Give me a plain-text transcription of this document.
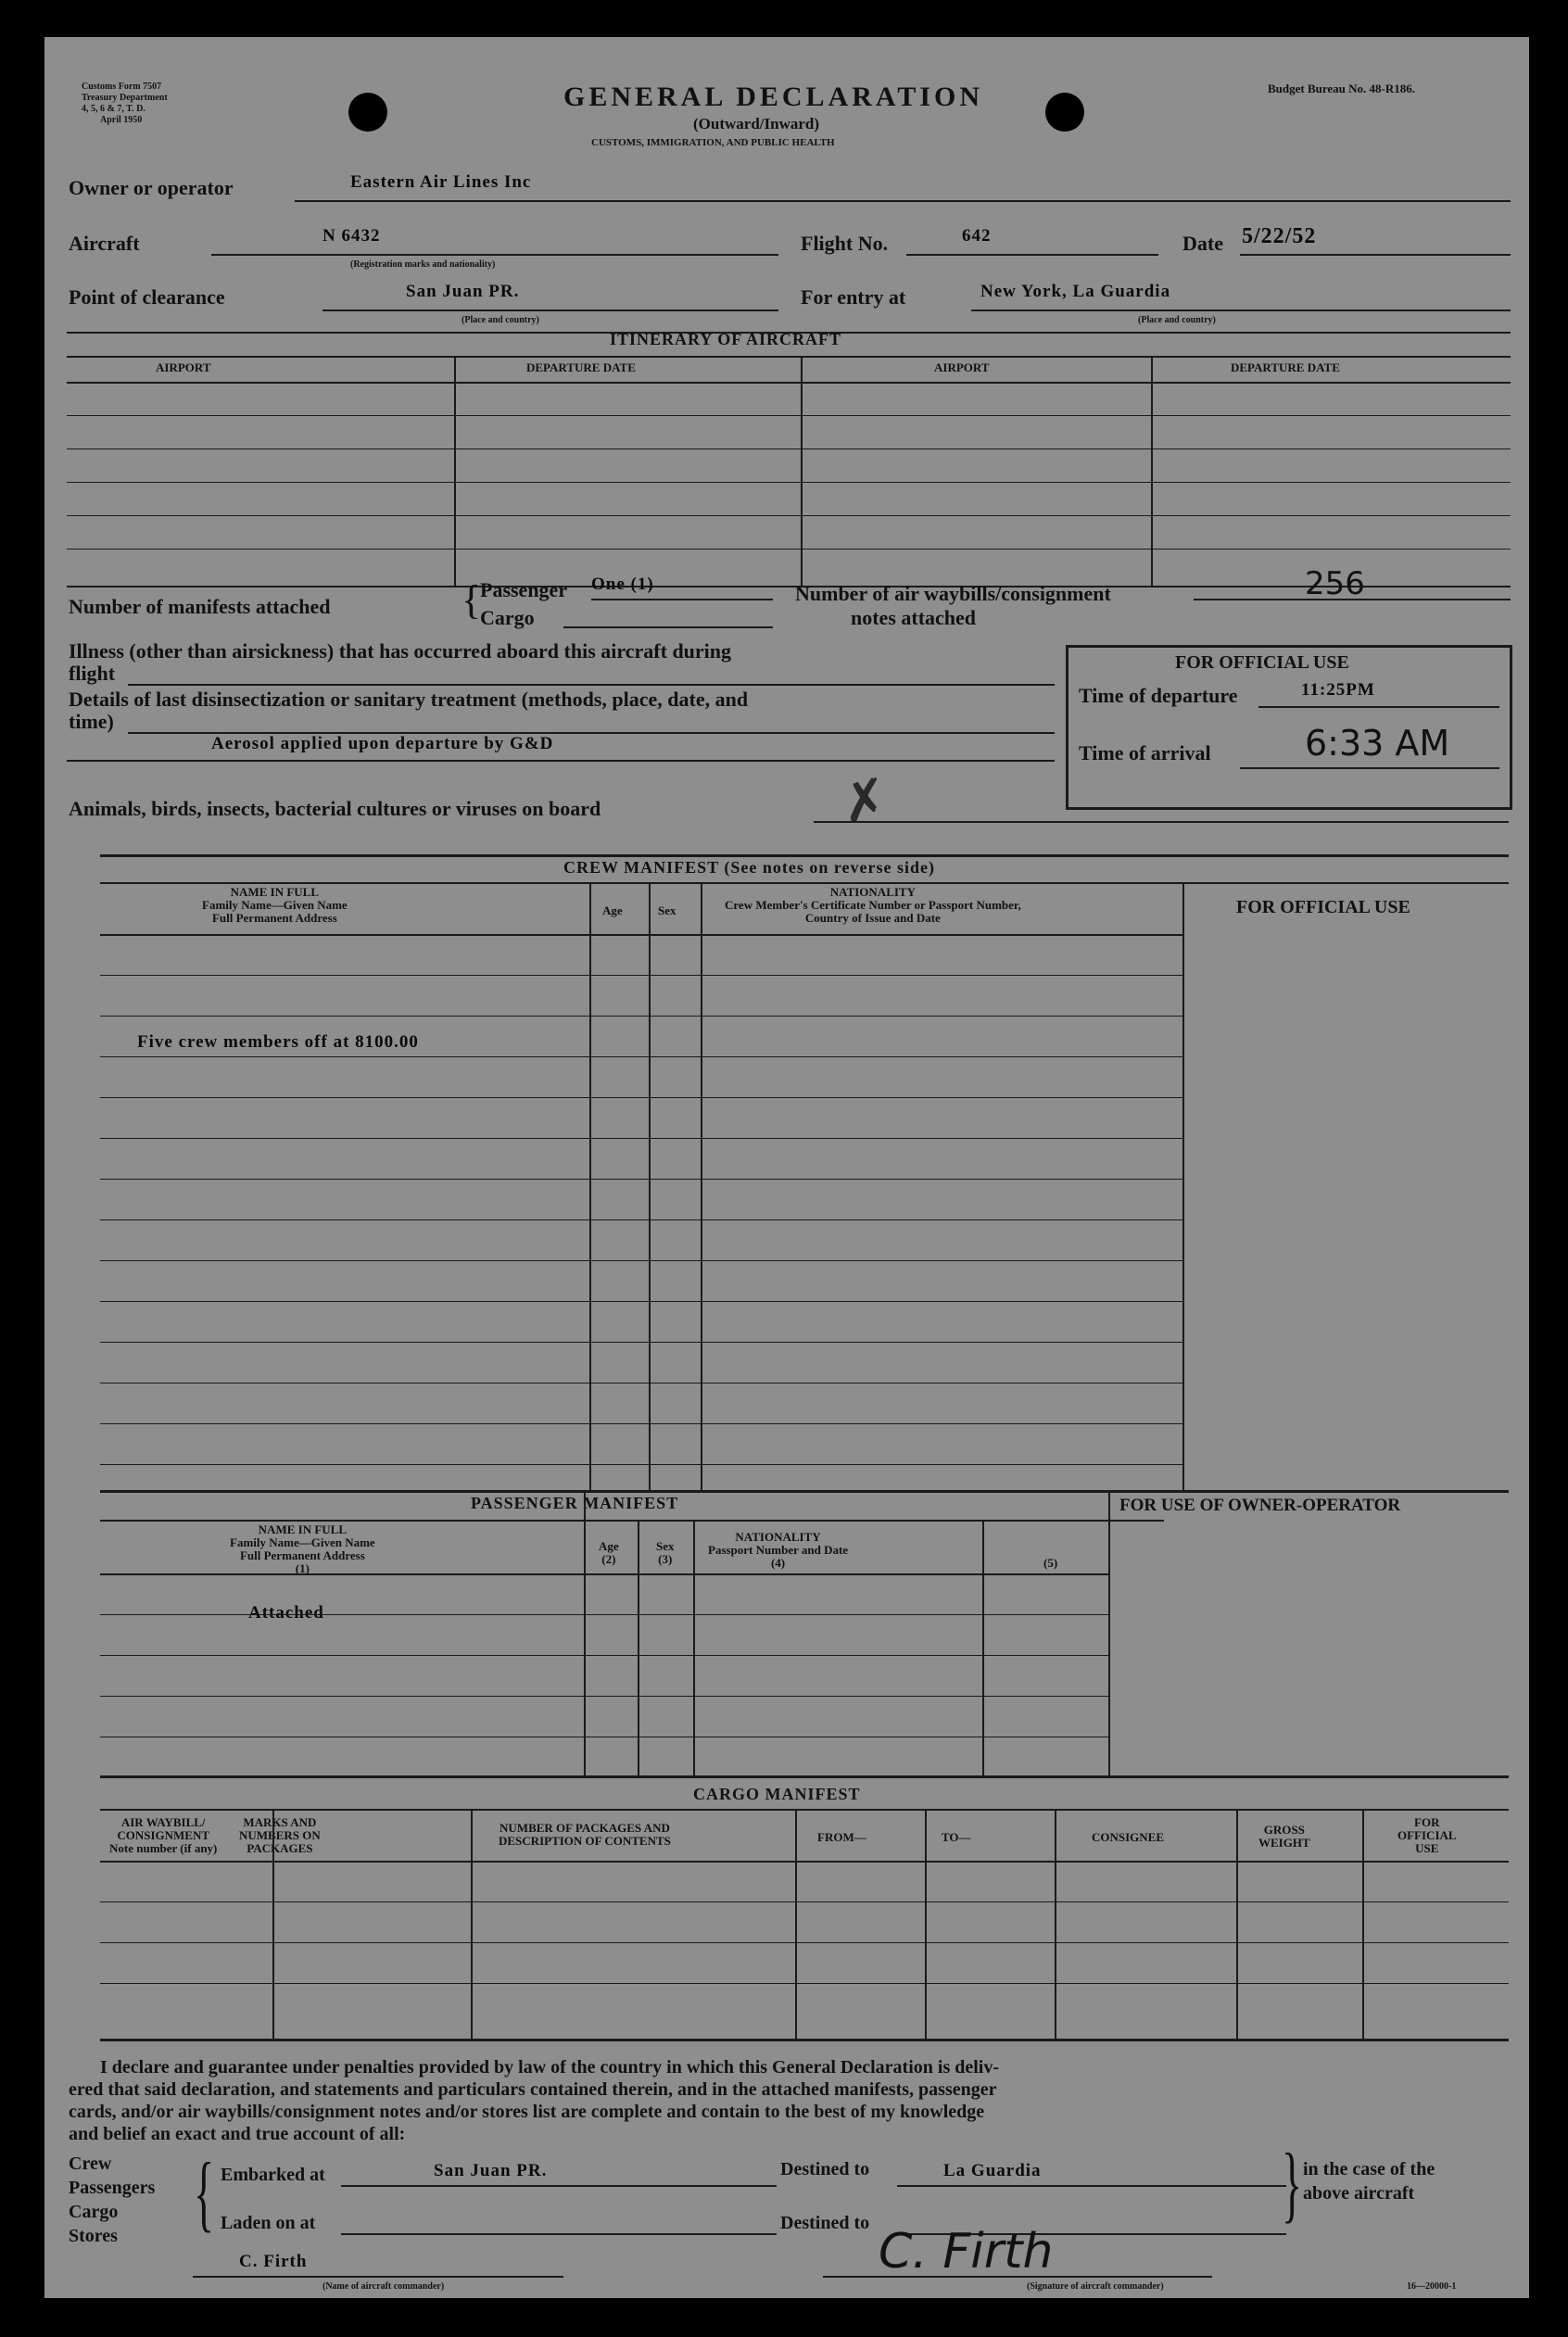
Customs Form 7507
Treasury Department
4, 5, 6 & 7, T. D.
April 1950
GENERAL DECLARATION
(Outward/Inward)
CUSTOMS, IMMIGRATION, AND PUBLIC HEALTH
Budget Bureau No. 48-R186.
Owner or operator	Eastern Air Lines Inc
Aircraft	N 6432
(Registration marks and nationality)
Flight No.	642	Date 5/22/52
Point of clearance	San Juan PR.
(Place and country)
For entry at	New York, La Guardia
(Place and country)
ITINERARY OF AIRCRAFT
AIRPORT	DEPARTURE DATE	AIRPORT	DEPARTURE DATE
Number of manifests attached	{
Passenger One (1)
Cargo
Number of air waybills/consignment
notes attached
256
FOR OFFICIAL USE
Time of departure	11:25PM
Time of arrival	6:33 AM
Illness (other than airsickness) that has occurred aboard this aircraft during
flight
Details of last disinsectization or sanitary treatment (methods, place, date, and
time)
Aerosol applied upon departure by G&D
Animals, birds, insects, bacterial cultures or viruses on board	✗
CREW MANIFEST (See notes on reverse side)
NAME IN FULL
Family Name—Given Name
Full Permanent Address
Age	Sex
NATIONALITY
Crew Member's Certificate Number or Passport Number,
Country of Issue and Date
FOR OFFICIAL USE
Five crew members off at 8100.00
PASSENGER MANIFEST
NAME IN FULL
Family Name—Given Name
Full Permanent Address
(1)
Age
(2)
Sex
(3)
NATIONALITY
Passport Number and Date
(4)	(5)
FOR USE OF OWNER-OPERATOR
Attached
CARGO MANIFEST
AIR WAYBILL/
CONSIGNMENT
Note number (if any)
MARKS AND
NUMBERS ON
PACKAGES
NUMBER OF PACKAGES AND
DESCRIPTION OF CONTENTS	FROM—	TO—	CONSIGNEE
GROSS
WEIGHT
FOR
OFFICIAL
USE
I declare and guarantee under penalties provided by law of the country in which this General Declaration is deliv-
ered that said declaration, and statements and particulars contained therein, and in the attached manifests, passenger
cards, and/or air waybills/consignment notes and/or stores list are complete and contain to the best of my knowledge
and belief an exact and true account of all:
Crew
Passengers
Cargo
Stores { Embarked at	San Juan PR.
Laden on at
Destined to	La Guardia
Destined to	} in the case of the
above aircraft
C. Firth
(Name of aircraft commander)
C. Firth
(Signature of aircraft commander)	16—20000-1
